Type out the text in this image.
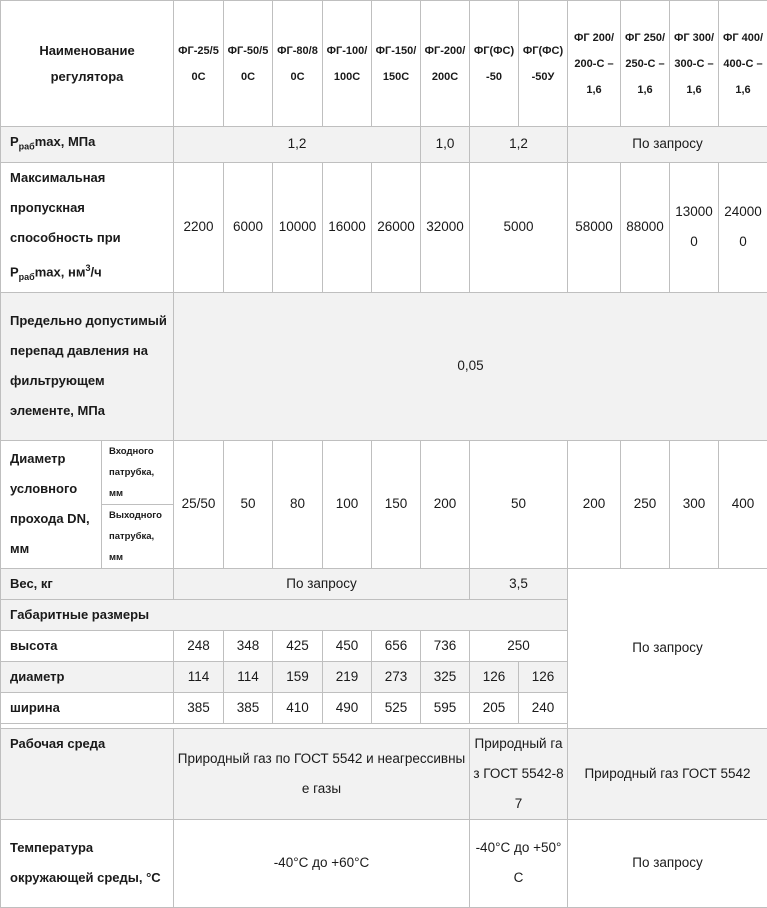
Наименование регулятора		ФГ-25/50С	ФГ-50/50С	ФГ-80/80С	ФГ-100/100С	ФГ-150/150С	ФГ-200/200С	ФГ(ФС)-50	ФГ(ФС)-50У	ФГ 200/200-С – 1,6	ФГ 250/250-С – 1,6	ФГ 300/300-С – 1,6	ФГ 400/400-С – 1,6
$P_{раб}\max$, МПа		1,2					1,0	1,2		По запросу			
Максимальная пропускная способность при $P_{раб}\max$, $нм^3/ч$		2200	6000	10000	16000	26000	32000	5000		58000	88000	130000	240000
Предельно допустимый перепад давления на фильтрующем элементе, МПа		0,05											
Диаметр условного прохода DN, мм	Входного патрубка, мм	25/50	50	80	100	150	200	50		200	250	300	400
	Выходного патрубка, мм												
Вес, кг		По запросу						3,5		По запросу			
Габаритные размеры													
высота		248	348	425	450	656	736	250					
диаметр		114	114	159	219	273	325	126	126				
ширина		385	385	410	490	525	595	205	240				

Рабочая среда		Природный газ по ГОСТ 5542 и неагрессивные газы						Природный газ ГОСТ 5542-87		Природный газ ГОСТ 5542			
Температура окружающей среды, °С		-40°С до +60°С						-40°С до +50°С		По запросу			
